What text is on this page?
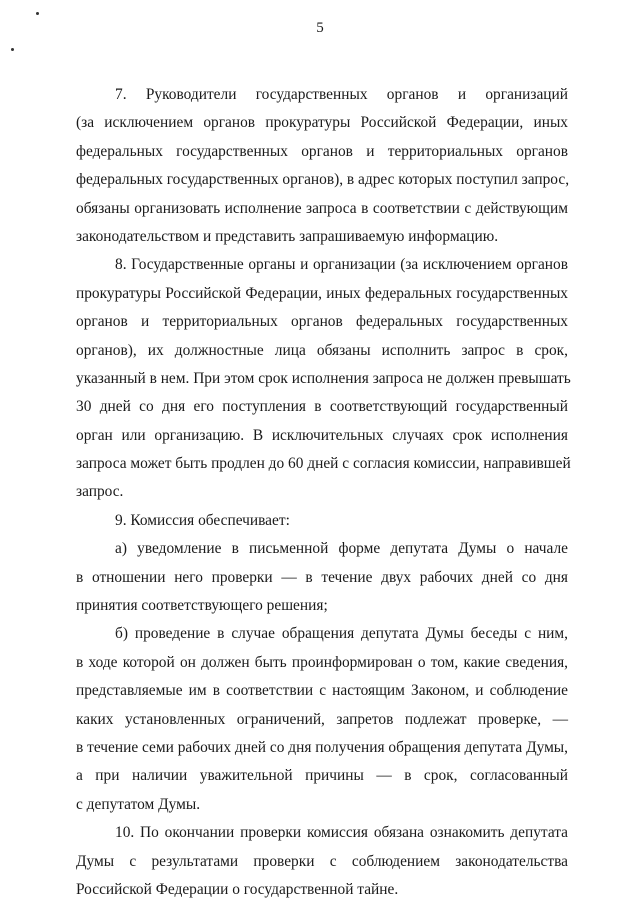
5
7. Руководители государственных органов и организаций
(за исключением органов прокуратуры Российской Федерации, иных
федеральных государственных органов и территориальных органов
федеральных государственных органов), в адрес которых поступил запрос,
обязаны организовать исполнение запроса в соответствии с действующим
законодательством и представить запрашиваемую информацию.
8. Государственные органы и организации (за исключением органов
прокуратуры Российской Федерации, иных федеральных государственных
органов и территориальных органов федеральных государственных
органов), их должностные лица обязаны исполнить запрос в срок,
указанный в нем. При этом срок исполнения запроса не должен превышать
30 дней со дня его поступления в соответствующий государственный
орган или организацию. В исключительных случаях срок исполнения
запроса может быть продлен до 60 дней с согласия комиссии, направившей
запрос.
9. Комиссия обеспечивает:
а) уведомление в письменной форме депутата Думы о начале
в отношении него проверки — в течение двух рабочих дней со дня
принятия соответствующего решения;
б) проведение в случае обращения депутата Думы беседы с ним,
в ходе которой он должен быть проинформирован о том, какие сведения,
представляемые им в соответствии с настоящим Законом, и соблюдение
каких установленных ограничений, запретов подлежат проверке, —
в течение семи рабочих дней со дня получения обращения депутата Думы,
а при наличии уважительной причины — в срок, согласованный
с депутатом Думы.
10. По окончании проверки комиссия обязана ознакомить депутата
Думы с результатами проверки с соблюдением законодательства
Российской Федерации о государственной тайне.
